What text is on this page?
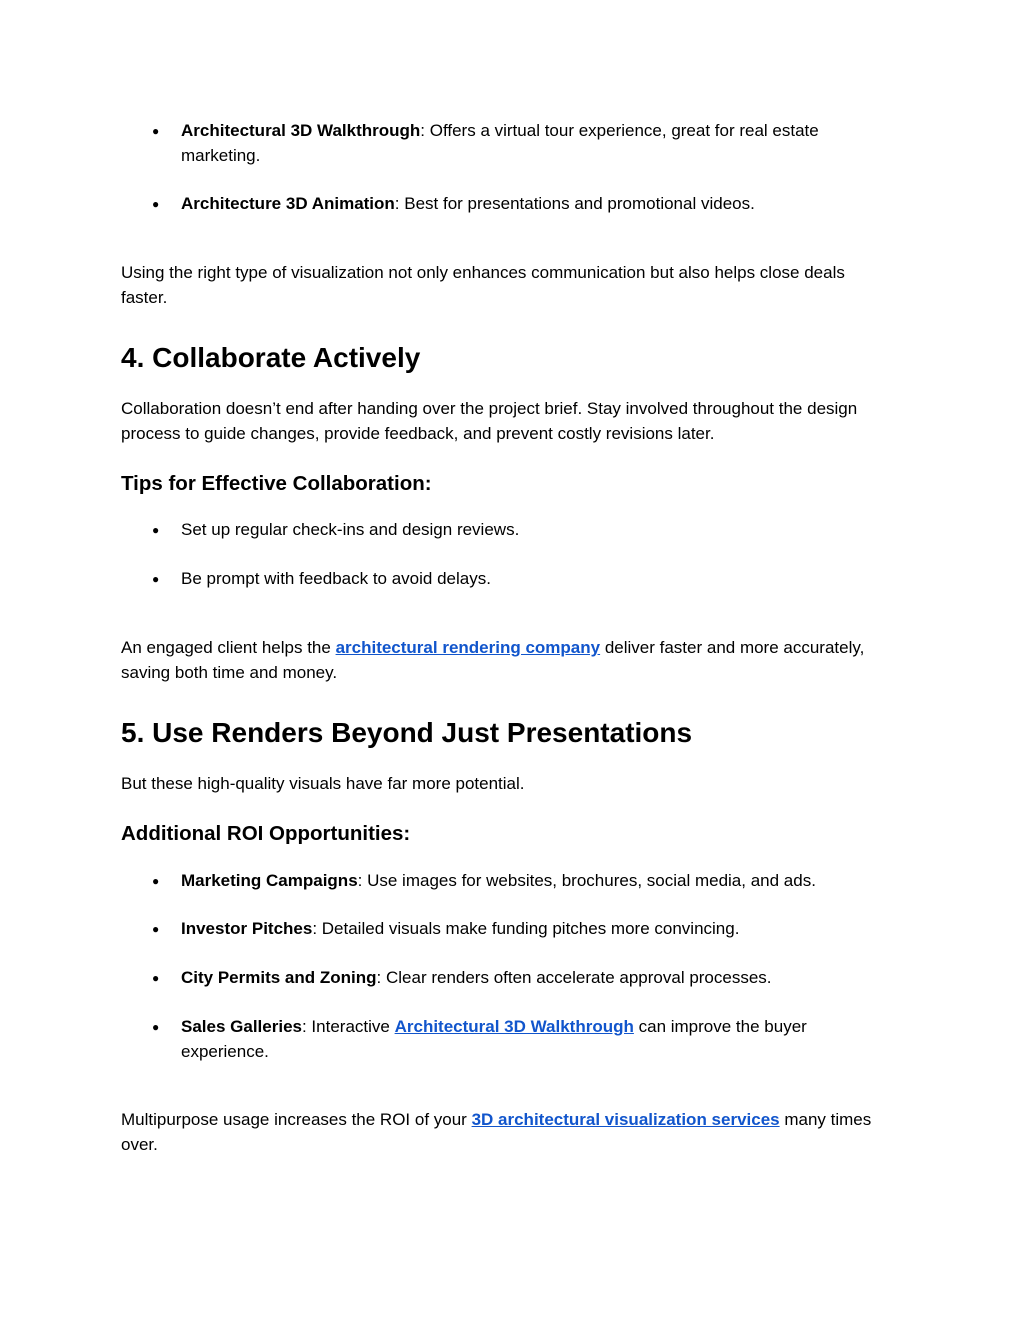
● Architectural 3D Walkthrough: Offers a virtual tour experience, great for real estate marketing.
● Architecture 3D Animation: Best for presentations and promotional videos.

Using the right type of visualization not only enhances communication but also helps close deals faster.

4. Collaborate Actively

Collaboration doesn’t end after handing over the project brief. Stay involved throughout the design process to guide changes, provide feedback, and prevent costly revisions later.

Tips for Effective Collaboration:
● Set up regular check-ins and design reviews.
● Be prompt with feedback to avoid delays.

An engaged client helps the architectural rendering company deliver faster and more accurately, saving both time and money.

5. Use Renders Beyond Just Presentations

But these high-quality visuals have far more potential.

Additional ROI Opportunities:
● Marketing Campaigns: Use images for websites, brochures, social media, and ads.
● Investor Pitches: Detailed visuals make funding pitches more convincing.
● City Permits and Zoning: Clear renders often accelerate approval processes.
● Sales Galleries: Interactive Architectural 3D Walkthrough can improve the buyer experience.

Multipurpose usage increases the ROI of your 3D architectural visualization services many times over.
